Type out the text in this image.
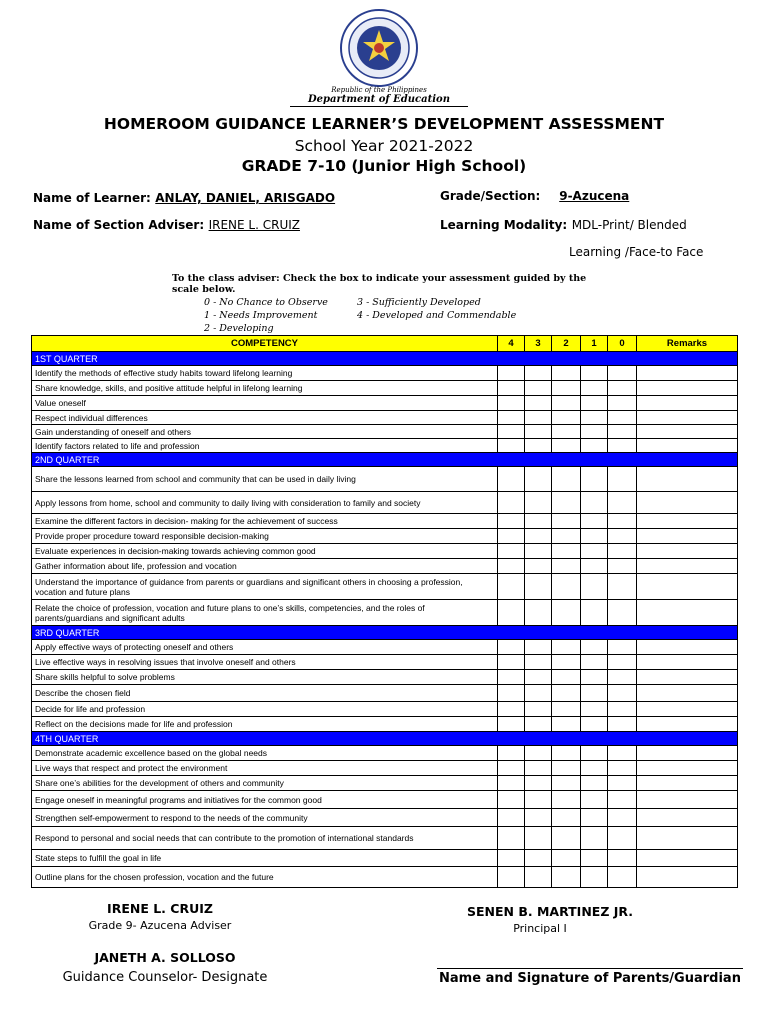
Republic of the Philippines
Department of Education
HOMEROOM GUIDANCE LEARNER’S DEVELOPMENT ASSESSMENT
School Year 2021-2022
GRADE 7-10 (Junior High School)
Name of Learner: ANLAY, DANIEL, ARISGADO	Grade/Section: 9-Azucena
Name of Section Adviser: IRENE L. CRUIZ	Learning Modality: MDL-Print/ Blended
Learning /Face-to Face
To the class adviser: Check the box to indicate your assessment guided by the scale below.
0 - No Chance to Observe
1 - Needs Improvement
2 - Developing
3 - Sufficiently Developed
4 - Developed and Commendable
COMPETENCY	4	3	2	1	0	Remarks
1ST QUARTER						
Identify the methods of effective study habits toward lifelong learning						
Share knowledge, skills, and positive attitude helpful in lifelong learning						
Value oneself						
Respect individual differences						
Gain understanding of oneself and others						
Identify factors related to life and profession						
2ND QUARTER						
Share the lessons learned from school and community that can be used in daily living						
Apply lessons from home, school and community to daily living with consideration to family and society						
Examine the different factors in decision- making for the achievement of success						
Provide proper procedure toward responsible decision-making						
Evaluate experiences in decision-making towards achieving common good						
Gather information about life, profession and vocation						
Understand the importance of guidance from parents or guardians and significant others in choosing a profession, vocation and future plans						
Relate the choice of profession, vocation and future plans to one’s skills, competencies, and the roles of parents/guardians and significant adults						
3RD QUARTER						
Apply effective ways of protecting oneself and others						
Live effective ways in resolving issues that involve oneself and others						
Share skills helpful to solve problems						
Describe the chosen field						
Decide for life and profession						
Reflect on the decisions made for life and profession						
4TH QUARTER						
Demonstrate academic excellence based on the global needs						
Live ways that respect and protect the environment						
Share one’s abilities for the development of others and community						
Engage oneself in meaningful programs and initiatives for the common good						
Strengthen self-empowerment to respond to the needs of the community						
Respond to personal and social needs that can contribute to the promotion of international standards						
State steps to fulfill the goal in life						
Outline plans for the chosen profession, vocation and the future						
IRENE L. CRUIZ
Grade 9- Azucena Adviser
SENEN B. MARTINEZ JR.
Principal I
JANETH A. SOLLOSO
Guidance Counselor- Designate	Name and Signature of Parents/Guardian
